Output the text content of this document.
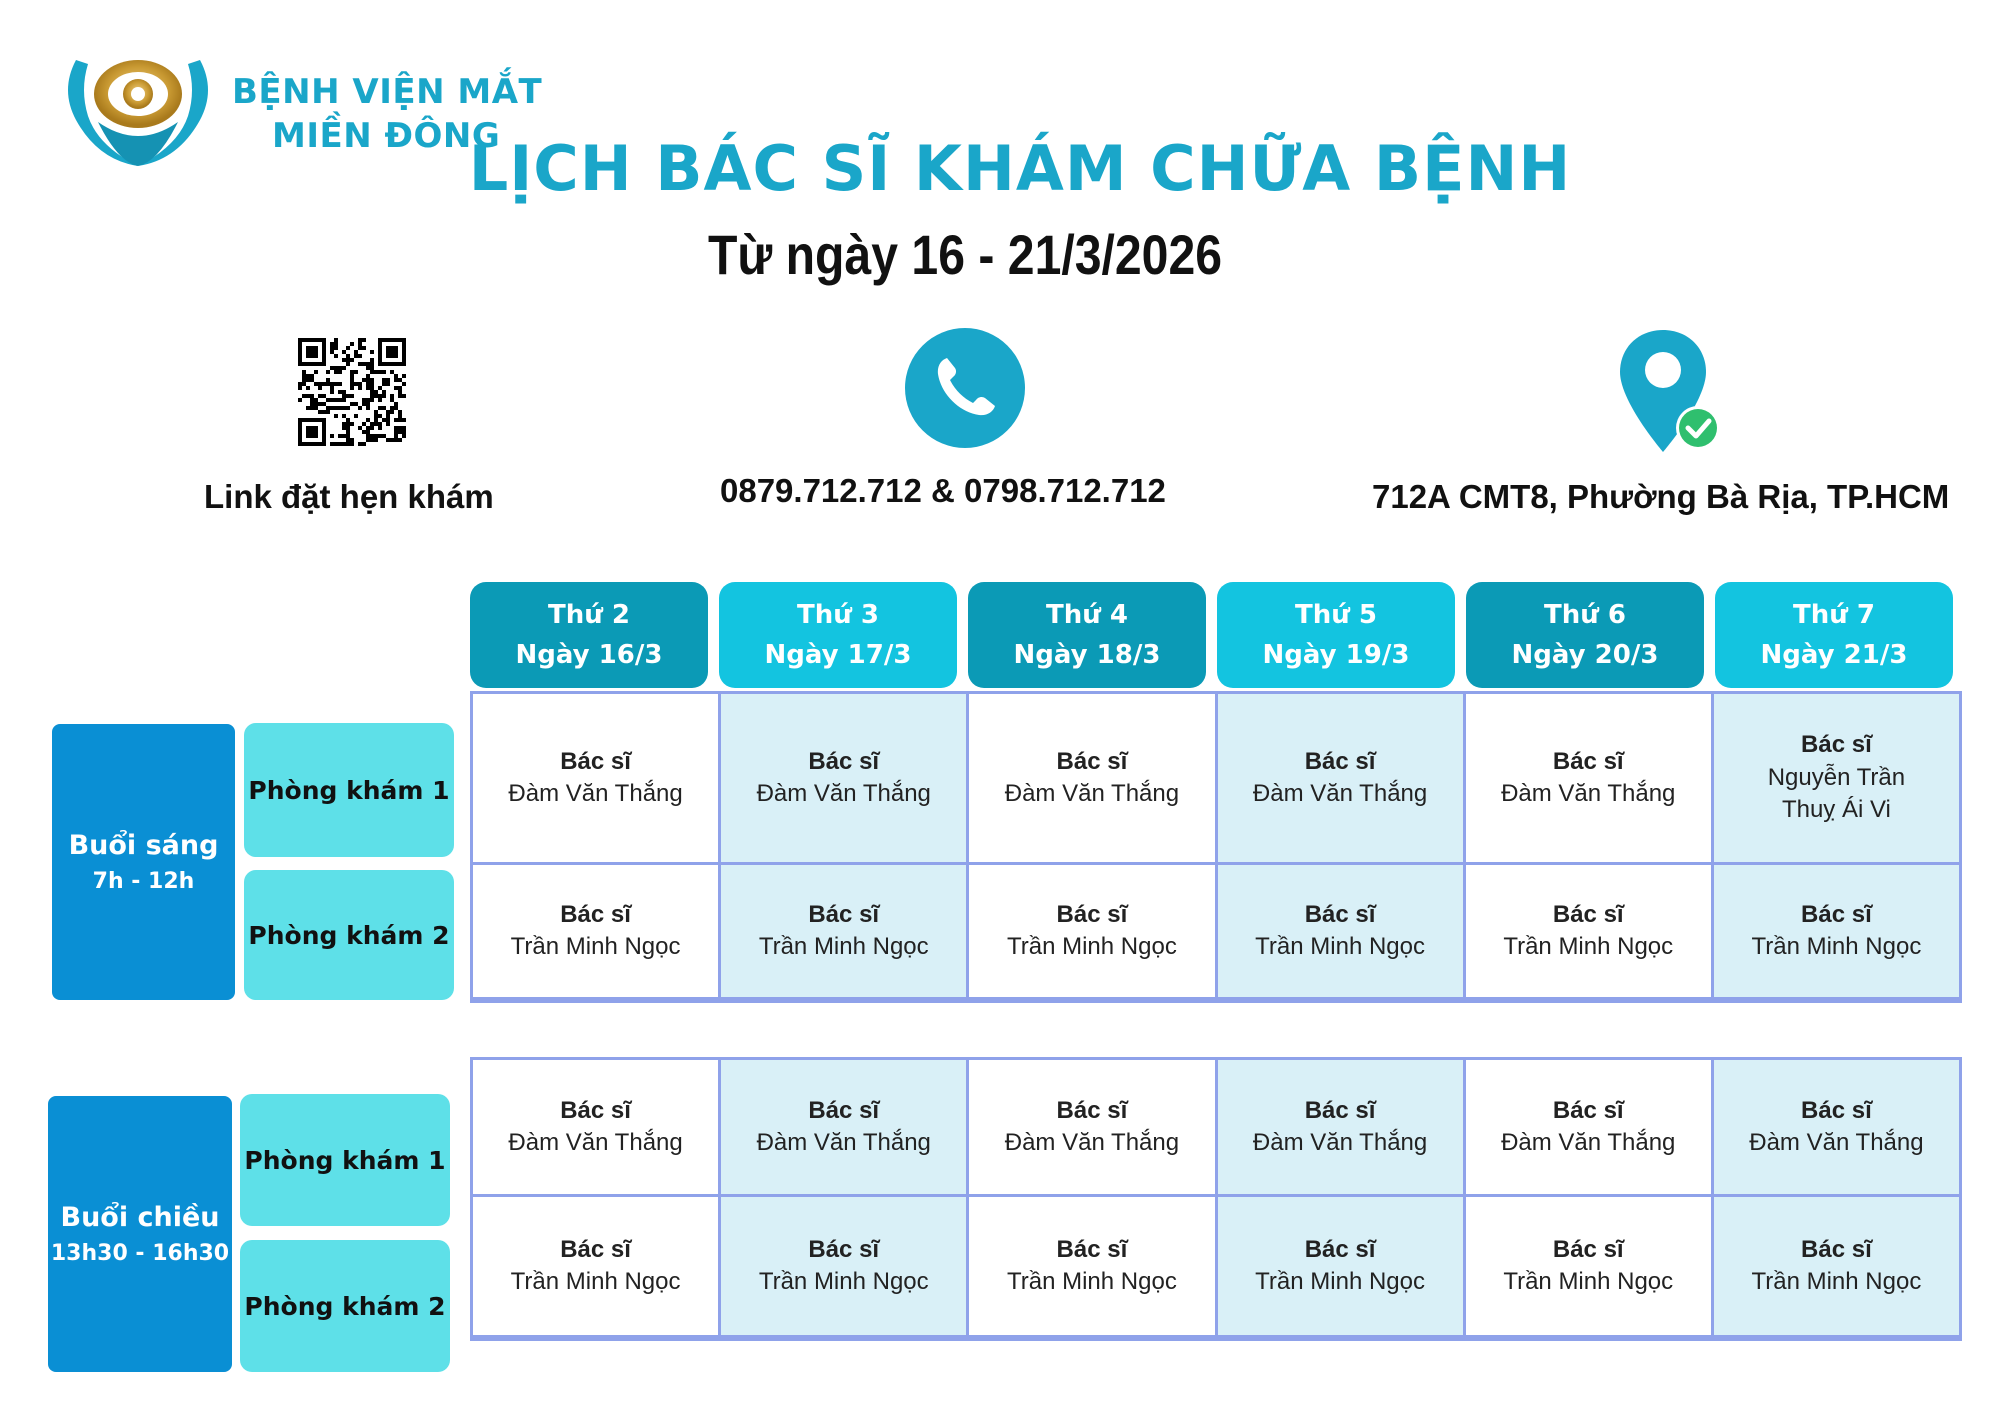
BỆNH VIỆN MẮT
MIỀN ĐÔNG
LỊCH BÁC SĨ KHÁM CHỮA BỆNH
Từ ngày 16 - 21/3/2026
Link đặt hẹn khám	0879.712.712 & 0798.712.712	712A CMT8, Phường Bà Rịa, TP.HCM
Thứ 2
Ngày 16/3
Thứ 3
Ngày 17/3
Thứ 4
Ngày 18/3
Thứ 5
Ngày 19/3
Thứ 6
Ngày 20/3
Thứ 7
Ngày 21/3
Buổi sáng
7h - 12h
Phòng khám 1
Phòng khám 2
Bác sĩ
Đàm Văn Thắng
Bác sĩ
Đàm Văn Thắng
Bác sĩ
Đàm Văn Thắng
Bác sĩ
Đàm Văn Thắng
Bác sĩ
Đàm Văn Thắng
Bác sĩ
Nguyễn Trần
Thuỵ Ái Vi
Bác sĩ
Trần Minh Ngọc
Bác sĩ
Trần Minh Ngọc
Bác sĩ
Trần Minh Ngọc
Bác sĩ
Trần Minh Ngọc
Bác sĩ
Trần Minh Ngọc
Bác sĩ
Trần Minh Ngọc
Buổi chiều
13h30 - 16h30
Phòng khám 1
Phòng khám 2
Bác sĩ
Đàm Văn Thắng
Bác sĩ
Đàm Văn Thắng
Bác sĩ
Đàm Văn Thắng
Bác sĩ
Đàm Văn Thắng
Bác sĩ
Đàm Văn Thắng
Bác sĩ
Đàm Văn Thắng
Bác sĩ
Trần Minh Ngọc
Bác sĩ
Trần Minh Ngọc
Bác sĩ
Trần Minh Ngọc
Bác sĩ
Trần Minh Ngọc
Bác sĩ
Trần Minh Ngọc
Bác sĩ
Trần Minh Ngọc
